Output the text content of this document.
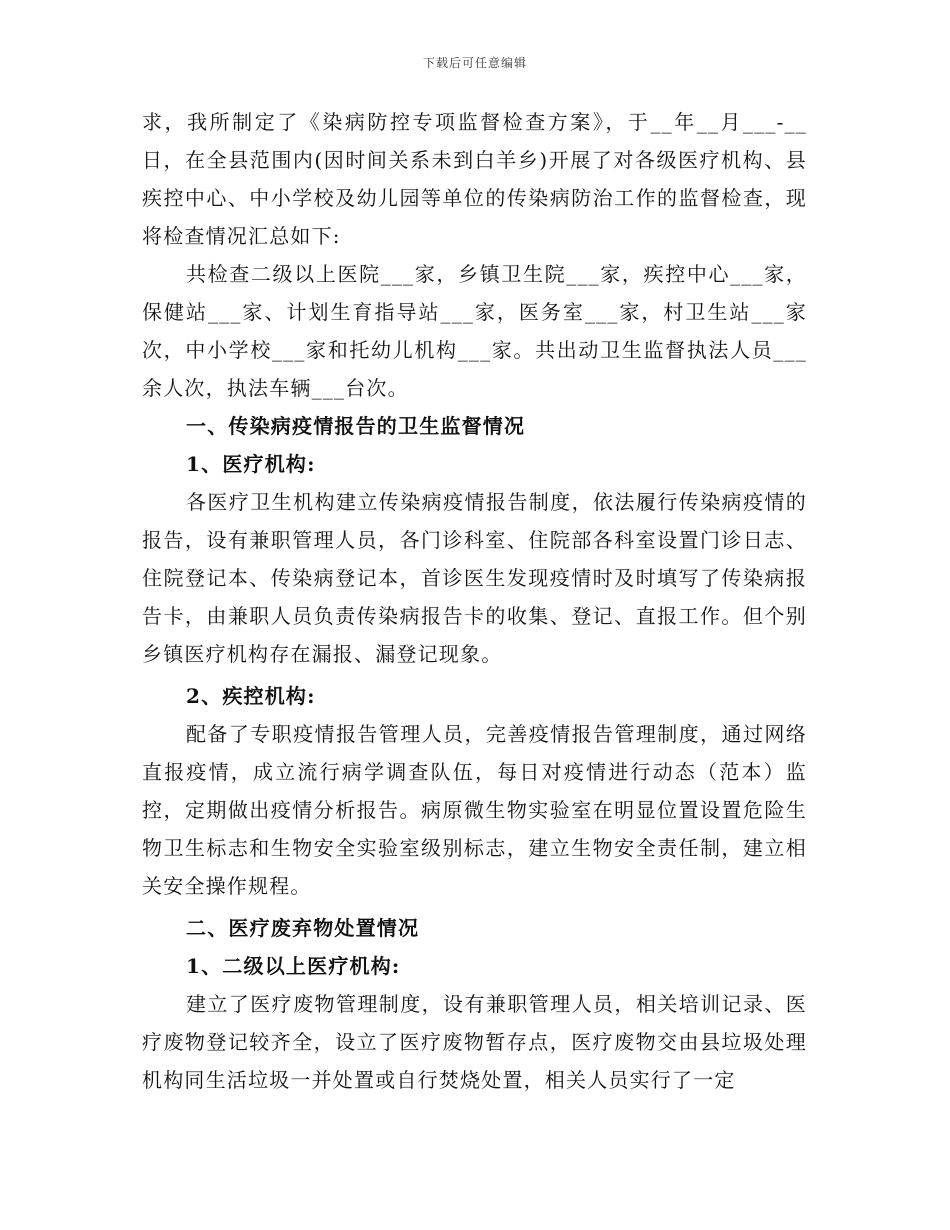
下载后可任意编辑

求，我所制定了《染病防控专项监督检查方案》，于__年__月___-__日，在全县范围内(因时间关系未到白羊乡)开展了对各级医疗机构、县疾控中心、中小学校及幼儿园等单位的传染病防治工作的监督检查，现将检查情况汇总如下:

共检查二级以上医院___家，乡镇卫生院___家，疾控中心___家，保健站___家、计划生育指导站___家，医务室___家，村卫生站___家次，中小学校___家和托幼儿机构___家。共出动卫生监督执法人员___余人次，执法车辆___台次。

一、传染病疫情报告的卫生监督情况

1、医疗机构:

各医疗卫生机构建立传染病疫情报告制度，依法履行传染病疫情的报告，设有兼职管理人员，各门诊科室、住院部各科室设置门诊日志、住院登记本、传染病登记本，首诊医生发现疫情时及时填写了传染病报告卡，由兼职人员负责传染病报告卡的收集、登记、直报工作。但个别乡镇医疗机构存在漏报、漏登记现象。

2、疾控机构:

配备了专职疫情报告管理人员，完善疫情报告管理制度，通过网络直报疫情，成立流行病学调查队伍，每日对疫情进行动态（范本）监控，定期做出疫情分析报告。病原微生物实验室在明显位置设置危险生物卫生标志和生物安全实验室级别标志，建立生物安全责任制，建立相关安全操作规程。

二、医疗废弃物处置情况

1、二级以上医疗机构:

建立了医疗废物管理制度，设有兼职管理人员，相关培训记录、医疗废物登记较齐全，设立了医疗废物暂存点，医疗废物交由县垃圾处理机构同生活垃圾一并处置或自行焚烧处置，相关人员实行了一定
